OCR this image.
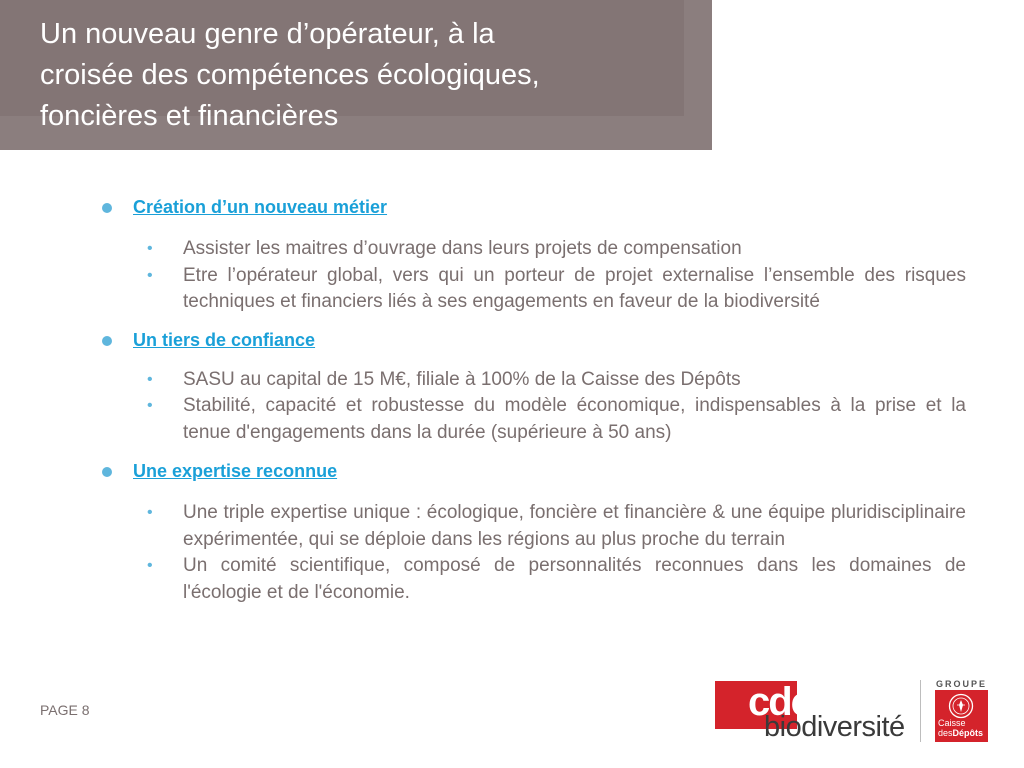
Un nouveau genre d’opérateur, à la
croisée des compétences écologiques,
foncières et financières
Création d’un nouveau métier
• Assister les maitres d’ouvrage dans leurs projets de compensation
• Etre l’opérateur global, vers qui un porteur de projet externalise l’ensemble des risques techniques et financiers liés à ses engagements en faveur de la biodiversité
Un tiers de confiance
• SASU au capital de 15 M€, filiale à 100% de la Caisse des Dépôts
• Stabilité, capacité et robustesse du modèle économique, indispensables à la prise et la tenue d'engagements dans la durée (supérieure à 50 ans)
Une expertise reconnue
• Une triple expertise unique : écologique, foncière et financière & une équipe pluridisciplinaire expérimentée, qui se déploie dans les régions au plus proche du terrain
• Un comité scientifique, composé de personnalités reconnues dans les domaines de l'écologie et de l'économie.
PAGE 8	cdc
biodiversité
GROUPE
Caisse
desDépôts
